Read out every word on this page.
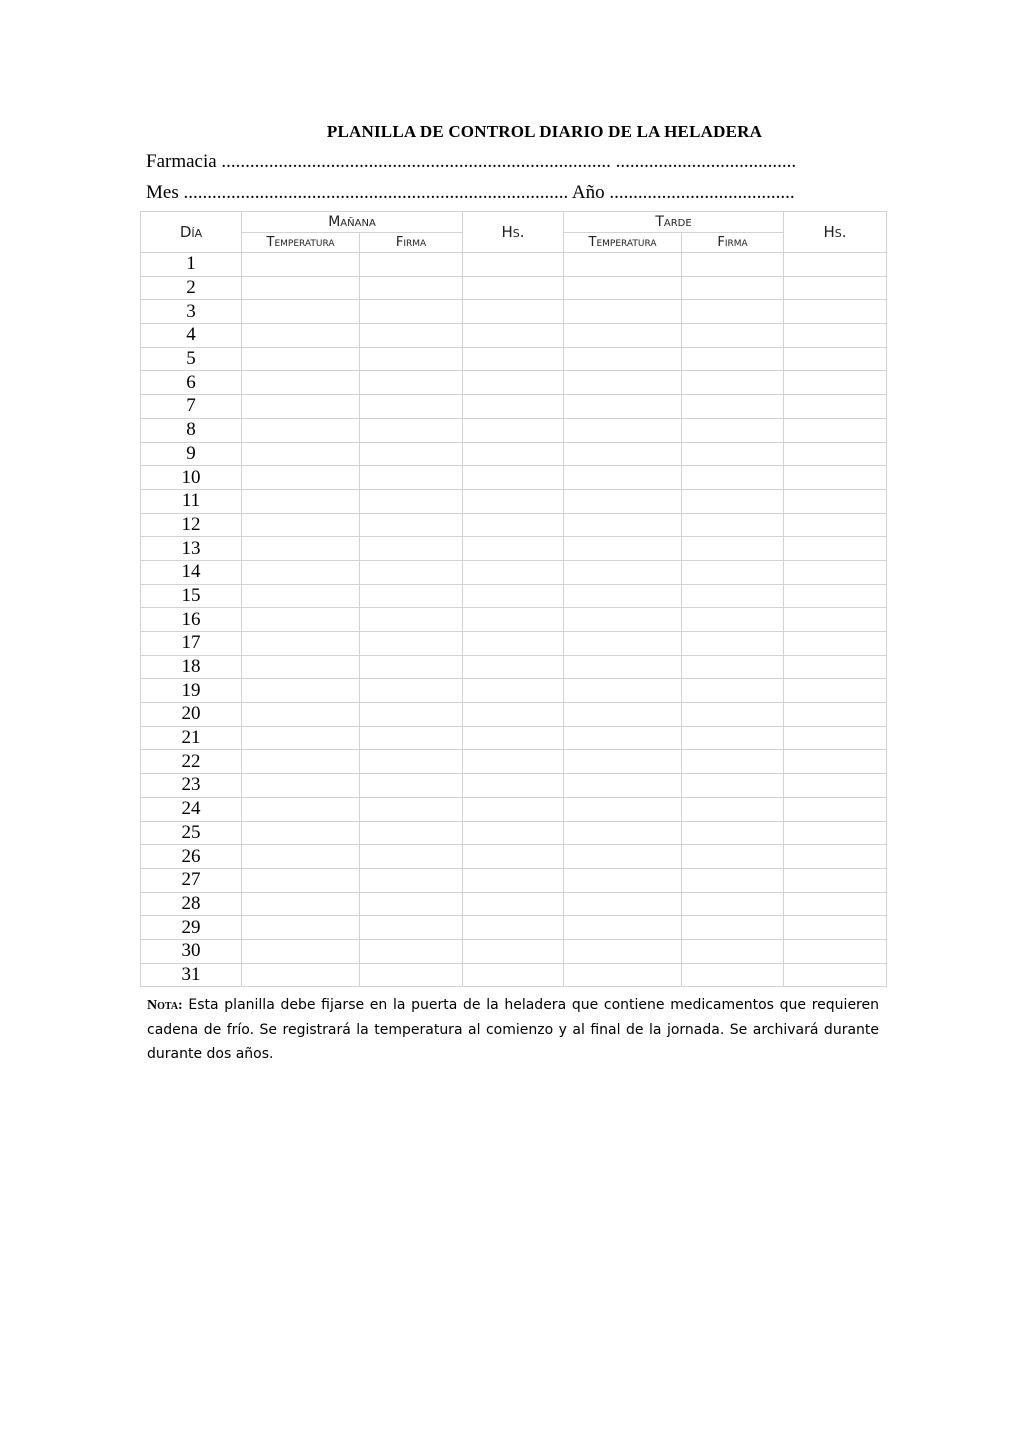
PLANILLA DE CONTROL DIARIO DE LA HELADERA
Farmacia .................................................................................. ......................................
Mes ................................................................................. Año .......................................
Día	Mañana		Hs.	Tarde		Hs.
	Temperatura	Firma		Temperatura	Firma	
1						
2						
3						
4						
5						
6						
7						
8						
9						
10						
11						
12						
13						
14						
15						
16						
17						
18						
19						
20						
21						
22						
23						
24						
25						
26						
27						
28						
29						
30						
31						
Nota: Esta planilla debe fijarse en la puerta de la heladera que contiene medicamentos que requieren cadena de frío. Se registrará la temperatura al comienzo y al final de la jornada. Se archivará durante durante dos años.
